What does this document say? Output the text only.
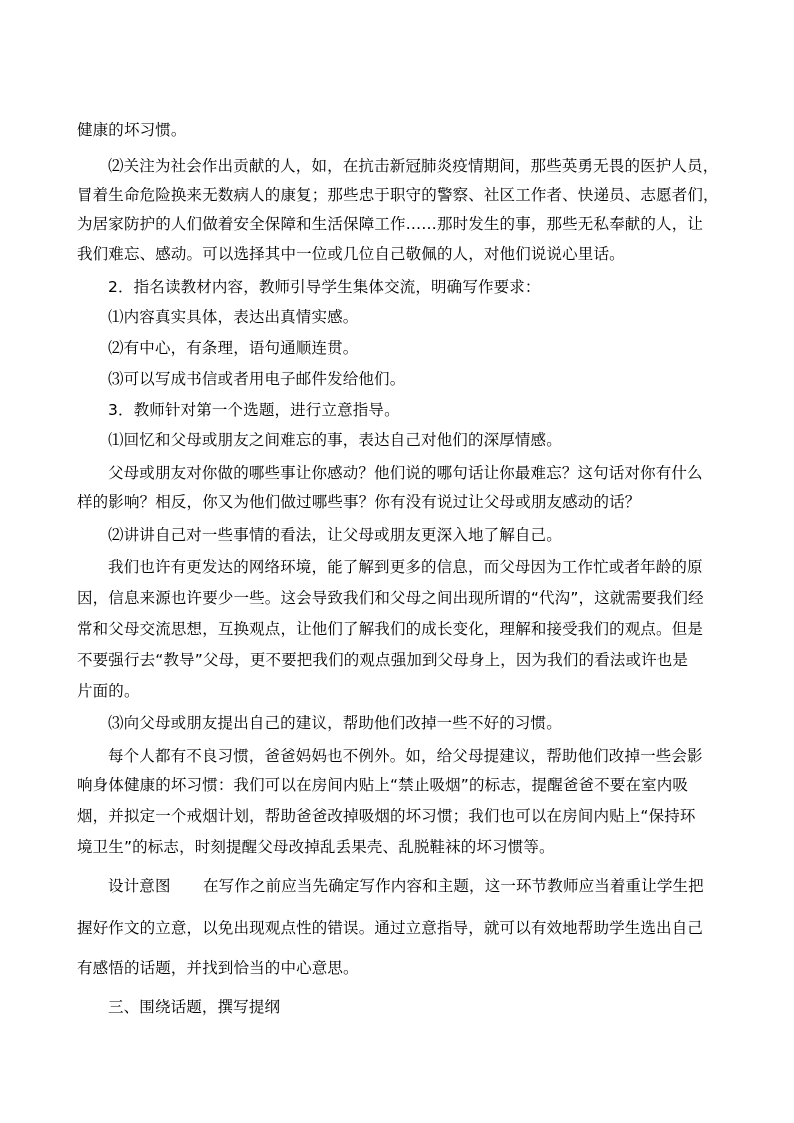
健康的坏习惯。

⑵关注为社会作出贡献的人，如，在抗击新冠肺炎疫情期间，那些英勇无畏的医护人员，

冒着生命危险换来无数病人的康复；那些忠于职守的警察、社区工作者、快递员、志愿者们，

为居家防护的人们做着安全保障和生活保障工作……那时发生的事，那些无私奉献的人，让

我们难忘、感动。可以选择其中一位或几位自己敬佩的人，对他们说说心里话。

2．指名读教材内容，教师引导学生集体交流，明确写作要求：

⑴内容真实具体，表达出真情实感。

⑵有中心，有条理，语句通顺连贯。

⑶可以写成书信或者用电子邮件发给他们。

3．教师针对第一个选题，进行立意指导。

⑴回忆和父母或朋友之间难忘的事，表达自己对他们的深厚情感。

父母或朋友对你做的哪些事让你感动？他们说的哪句话让你最难忘？这句话对你有什么

样的影响？相反，你又为他们做过哪些事？你有没有说过让父母或朋友感动的话？

⑵讲讲自己对一些事情的看法，让父母或朋友更深入地了解自己。

我们也许有更发达的网络环境，能了解到更多的信息，而父母因为工作忙或者年龄的原

因，信息来源也许要少一些。这会导致我们和父母之间出现所谓的“代沟”，这就需要我们经

常和父母交流思想，互换观点，让他们了解我们的成长变化，理解和接受我们的观点。但是

不要强行去“教导”父母，更不要把我们的观点强加到父母身上，因为我们的看法或许也是

片面的。

⑶向父母或朋友提出自己的建议，帮助他们改掉一些不好的习惯。

每个人都有不良习惯，爸爸妈妈也不例外。如，给父母提建议，帮助他们改掉一些会影

响身体健康的坏习惯：我们可以在房间内贴上“禁止吸烟”的标志，提醒爸爸不要在室内吸

烟，并拟定一个戒烟计划，帮助爸爸改掉吸烟的坏习惯；我们也可以在房间内贴上“保持环

境卫生”的标志，时刻提醒父母改掉乱丢果壳、乱脱鞋袜的坏习惯等。

设计意图 在写作之前应当先确定写作内容和主题，这一环节教师应当着重让学生把

握好作文的立意，以免出现观点性的错误。通过立意指导，就可以有效地帮助学生选出自己

有感悟的话题，并找到恰当的中心意思。

三、围绕话题，撰写提纲
